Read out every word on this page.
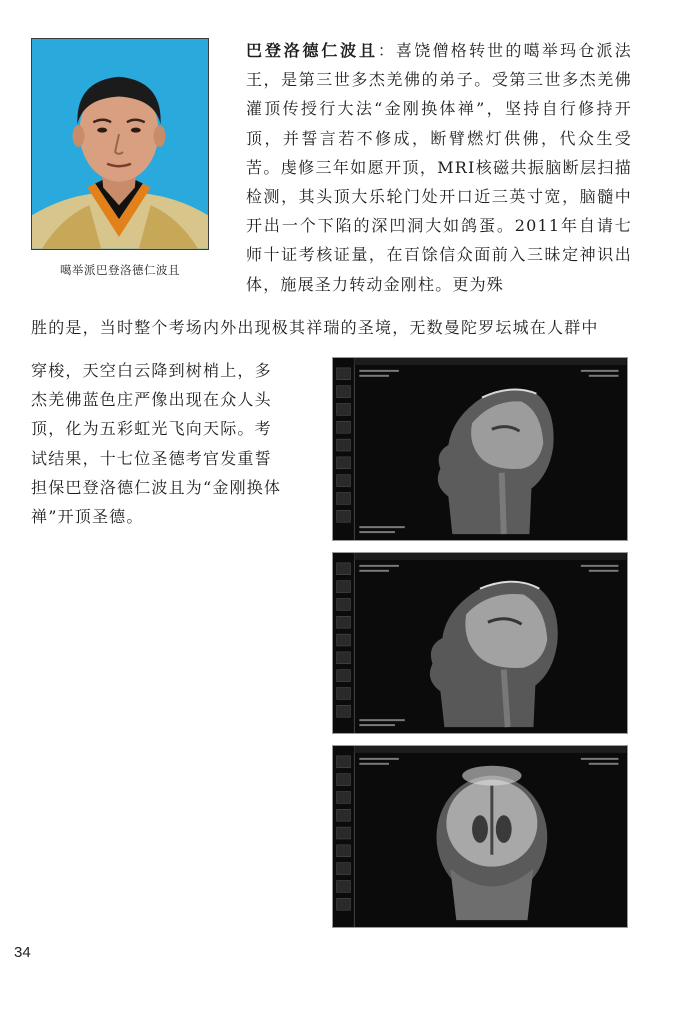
噶举派巴登洛德仁波且
巴登洛德仁波且：喜饶僧格转世的噶举玛仓派法王，是第三世多杰羌佛的弟子。受第三世多杰羌佛灌顶传授行大法“金刚换体禅”，坚持自行修持开顶，并誓言若不修成，断臂燃灯供佛，代众生受苦。虔修三年如愿开顶，MRI核磁共振脑断层扫描检测，其头顶大乐轮门处开口近三英寸宽，脑髓中开出一个下陷的深凹洞大如鸽蛋。2011年自请七师十证考核证量，在百馀信众面前入三昧定神识出体，施展圣力转动金刚柱。更为殊
胜的是，当时整个考场内外出现极其祥瑞的圣境，无数曼陀罗坛城在人群中
穿梭，天空白云降到树梢上，多杰羌佛蓝色庄严像出现在众人头顶，化为五彩虹光飞向天际。考试结果，十七位圣德考官发重誓担保巴登洛德仁波且为“金刚换体禅”开顶圣德。
34
